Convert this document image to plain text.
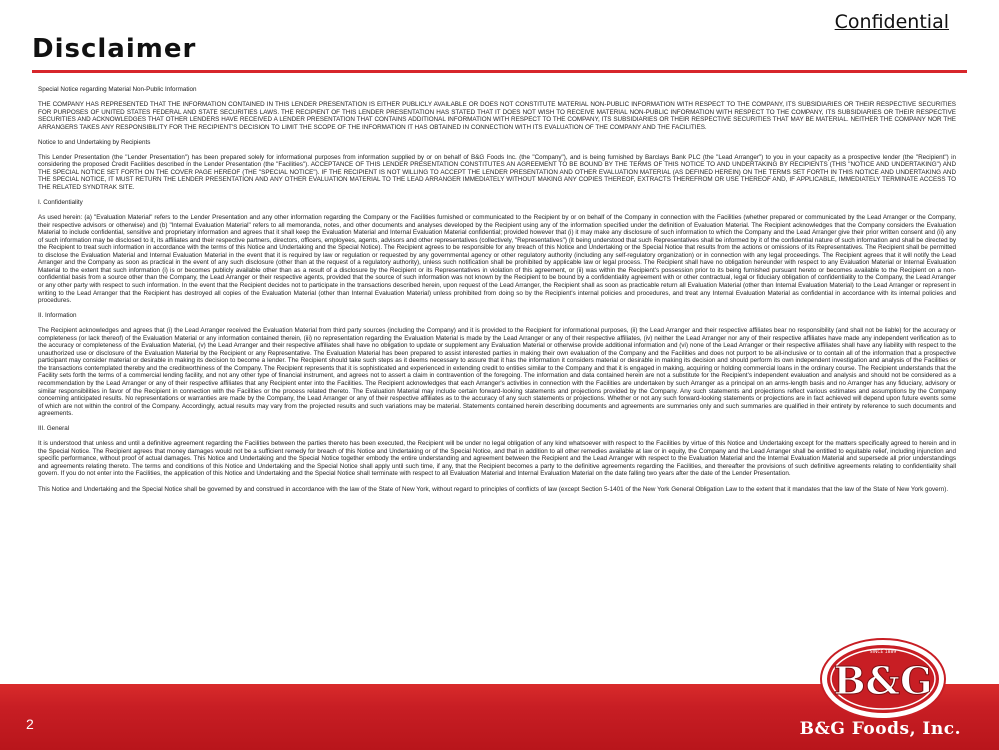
Confidential
Disclaimer

Special Notice regarding Material Non-Public Information

THE COMPANY HAS REPRESENTED THAT THE INFORMATION CONTAINED IN THIS LENDER PRESENTATION IS EITHER PUBLICLY AVAILABLE OR DOES NOT CONSTITUTE MATERIAL NON-PUBLIC INFORMATION WITH RESPECT TO THE COMPANY, ITS SUBSIDIARIES OR THEIR RESPECTIVE SECURITIES FOR PURPOSES OF UNITED STATES FEDERAL AND STATE SECURITIES LAWS. THE RECIPIENT OF THIS LENDER PRESENTATION HAS STATED THAT IT DOES NOT WISH TO RECEIVE MATERIAL NON-PUBLIC INFORMATION WITH RESPECT TO THE COMPANY, ITS SUBSIDIARIES OR THEIR RESPECTIVE SECURITIES AND ACKNOWLEDGES THAT OTHER LENDERS HAVE RECEIVED A LENDER PRESENTATION THAT CONTAINS ADDITIONAL INFORMATION WITH RESPECT TO THE COMPANY, ITS SUBSIDIARIES OR THEIR RESPECTIVE SECURITIES THAT MAY BE MATERIAL. NEITHER THE COMPANY NOR THE ARRANGERS TAKES ANY RESPONSIBILITY FOR THE RECIPIENT'S DECISION TO LIMIT THE SCOPE OF THE INFORMATION IT HAS OBTAINED IN CONNECTION WITH ITS EVALUATION OF THE COMPANY AND THE FACILITIES.

Notice to and Undertaking by Recipients

This Lender Presentation (the "Lender Presentation") has been prepared solely for informational purposes from information supplied by or on behalf of B&G Foods Inc. (the "Company"), and is being furnished by Barclays Bank PLC (the "Lead Arranger") to you in your capacity as a prospective lender (the "Recipient") in considering the proposed Credit Facilities described in the Lender Presentation (the "Facilities"). ACCEPTANCE OF THIS LENDER PRESENTATION CONSTITUTES AN AGREEMENT TO BE BOUND BY THE TERMS OF THIS NOTICE TO AND UNDERTAKING BY RECIPIENTS (THIS "NOTICE AND UNDERTAKING") AND THE SPECIAL NOTICE SET FORTH ON THE COVER PAGE HEREOF (THE "SPECIAL NOTICE"). IF THE RECIPIENT IS NOT WILLING TO ACCEPT THE LENDER PRESENTATION AND OTHER EVALUATION MATERIAL (AS DEFINED HEREIN) ON THE TERMS SET FORTH IN THIS NOTICE AND UNDERTAKING AND THE SPECIAL NOTICE, IT MUST RETURN THE LENDER PRESENTATION AND ANY OTHER EVALUATION MATERIAL TO THE LEAD ARRANGER IMMEDIATELY WITHOUT MAKING ANY COPIES THEREOF, EXTRACTS THEREFROM OR USE THEREOF AND, IF APPLICABLE, IMMEDIATELY TERMINATE ACCESS TO THE RELATED SYNDTRAK SITE.

I. Confidentiality

As used herein: (a) "Evaluation Material" refers to the Lender Presentation and any other information regarding the Company or the Facilities furnished or communicated to the Recipient by or on behalf of the Company in connection with the Facilities (whether prepared or communicated by the Lead Arranger or the Company, their respective advisors or otherwise) and (b) "Internal Evaluation Material" refers to all memoranda, notes, and other documents and analyses developed by the Recipient using any of the information specified under the definition of Evaluation Material. The Recipient acknowledges that the Company considers the Evaluation Material to include confidential, sensitive and proprietary information and agrees that it shall keep the Evaluation Material and Internal Evaluation Material confidential; provided however that (i) it may make any disclosure of such information to which the Company and the Lead Arranger give their prior written consent and (ii) any of such information may be disclosed to it, its affiliates and their respective partners, directors, officers, employees, agents, advisors and other representatives (collectively, "Representatives") (it being understood that such Representatives shall be informed by it of the confidential nature of such information and shall be directed by the Recipient to treat such information in accordance with the terms of this Notice and Undertaking and the Special Notice). The Recipient agrees to be responsible for any breach of this Notice and Undertaking or the Special Notice that results from the actions or omissions of its Representatives. The Recipient shall be permitted to disclose the Evaluation Material and Internal Evaluation Material in the event that it is required by law or regulation or requested by any governmental agency or other regulatory authority (including any self-regulatory organization) or in connection with any legal proceedings. The Recipient agrees that it will notify the Lead Arranger and the Company as soon as practical in the event of any such disclosure (other than at the request of a regulatory authority), unless such notification shall be prohibited by applicable law or legal process. The Recipient shall have no obligation hereunder with respect to any Evaluation Material or Internal Evaluation Material to the extent that such information (i) is or becomes publicly available other than as a result of a disclosure by the Recipient or its Representatives in violation of this agreement, or (ii) was within the Recipient's possession prior to its being furnished pursuant hereto or becomes available to the Recipient on a non-confidential basis from a source other than the Company, the Lead Arranger or their respective agents, provided that the source of such information was not known by the Recipient to be bound by a confidentiality agreement with or other contractual, legal or fiduciary obligation of confidentiality to the Company, the Lead Arranger or any other party with respect to such information. In the event that the Recipient decides not to participate in the transactions described herein, upon request of the Lead Arranger, the Recipient shall as soon as practicable return all Evaluation Material (other than Internal Evaluation Material) to the Lead Arranger or represent in writing to the Lead Arranger that the Recipient has destroyed all copies of the Evaluation Material (other than Internal Evaluation Material) unless prohibited from doing so by the Recipient's internal policies and procedures, and treat any Internal Evaluation Material as confidential in accordance with its internal policies and procedures.

II. Information

The Recipient acknowledges and agrees that (i) the Lead Arranger received the Evaluation Material from third party sources (including the Company) and it is provided to the Recipient for informational purposes, (ii) the Lead Arranger and their respective affiliates bear no responsibility (and shall not be liable) for the accuracy or completeness (or lack thereof) of the Evaluation Material or any information contained therein, (iii) no representation regarding the Evaluation Material is made by the Lead Arranger or any of their respective affiliates, (iv) neither the Lead Arranger nor any of their respective affiliates have made any independent verification as to the accuracy or completeness of the Evaluation Material, (v) the Lead Arranger and their respective affiliates shall have no obligation to update or supplement any Evaluation Material or otherwise provide additional information and (vi) none of the Lead Arranger or their respective affiliates shall have any liability with respect to the unauthorized use or disclosure of the Evaluation Material by the Recipient or any Representative. The Evaluation Material has been prepared to assist interested parties in making their own evaluation of the Company and the Facilities and does not purport to be all-inclusive or to contain all of the information that a prospective participant may consider material or desirable in making its decision to become a lender. The Recipient should take such steps as it deems necessary to assure that it has the information it considers material or desirable in making its decision and should perform its own independent investigation and analysis of the Facilities or the transactions contemplated thereby and the creditworthiness of the Company. The Recipient represents that it is sophisticated and experienced in extending credit to entities similar to the Company and that it is engaged in making, acquiring or holding commercial loans in the ordinary course. The Recipient understands that the Facility sets forth the terms of a commercial lending facility, and not any other type of financial instrument, and agrees not to assert a claim in contravention of the foregoing. The information and data contained herein are not a substitute for the Recipient's independent evaluation and analysis and should not be considered as a recommendation by the Lead Arranger or any of their respective affiliates that any Recipient enter into the Facilities. The Recipient acknowledges that each Arranger's activities in connection with the Facilities are undertaken by such Arranger as a principal on an arms-length basis and no Arranger has any fiduciary, advisory or similar responsibilities in favor of the Recipient in connection with the Facilities or the process related thereto. The Evaluation Material may include certain forward-looking statements and projections provided by the Company. Any such statements and projections reflect various estimates and assumptions by the Company concerning anticipated results. No representations or warranties are made by the Company, the Lead Arranger or any of their respective affiliates as to the accuracy of any such statements or projections. Whether or not any such forward-looking statements or projections are in fact achieved will depend upon future events some of which are not within the control of the Company. Accordingly, actual results may vary from the projected results and such variations may be material. Statements contained herein describing documents and agreements are summaries only and such summaries are qualified in their entirety by reference to such documents and agreements.

III. General

It is understood that unless and until a definitive agreement regarding the Facilities between the parties thereto has been executed, the Recipient will be under no legal obligation of any kind whatsoever with respect to the Facilities by virtue of this Notice and Undertaking except for the matters specifically agreed to herein and in the Special Notice. The Recipient agrees that money damages would not be a sufficient remedy for breach of this Notice and Undertaking or of the Special Notice, and that in addition to all other remedies available at law or in equity, the Company and the Lead Arranger shall be entitled to equitable relief, including injunction and specific performance, without proof of actual damages. This Notice and Undertaking and the Special Notice together embody the entire understanding and agreement between the Recipient and the Lead Arranger with respect to the Evaluation Material and the Internal Evaluation Material and supersede all prior understandings and agreements relating thereto. The terms and conditions of this Notice and Undertaking and the Special Notice shall apply until such time, if any, that the Recipient becomes a party to the definitive agreements regarding the Facilities, and thereafter the provisions of such definitive agreements relating to confidentiality shall govern. If you do not enter into the Facilities, the application of this Notice and Undertaking and the Special Notice shall terminate with respect to all Evaluation Material and Internal Evaluation Material on the date falling two years after the date of the Lender Presentation.

This Notice and Undertaking and the Special Notice shall be governed by and construed in accordance with the law of the State of New York, without regard to principles of conflicts of law (except Section 5-1401 of the New York General Obligation Law to the extent that it mandates that the law of the State of New York govern).

2	B&G Foods, Inc.
SINCE 1889
B&G
